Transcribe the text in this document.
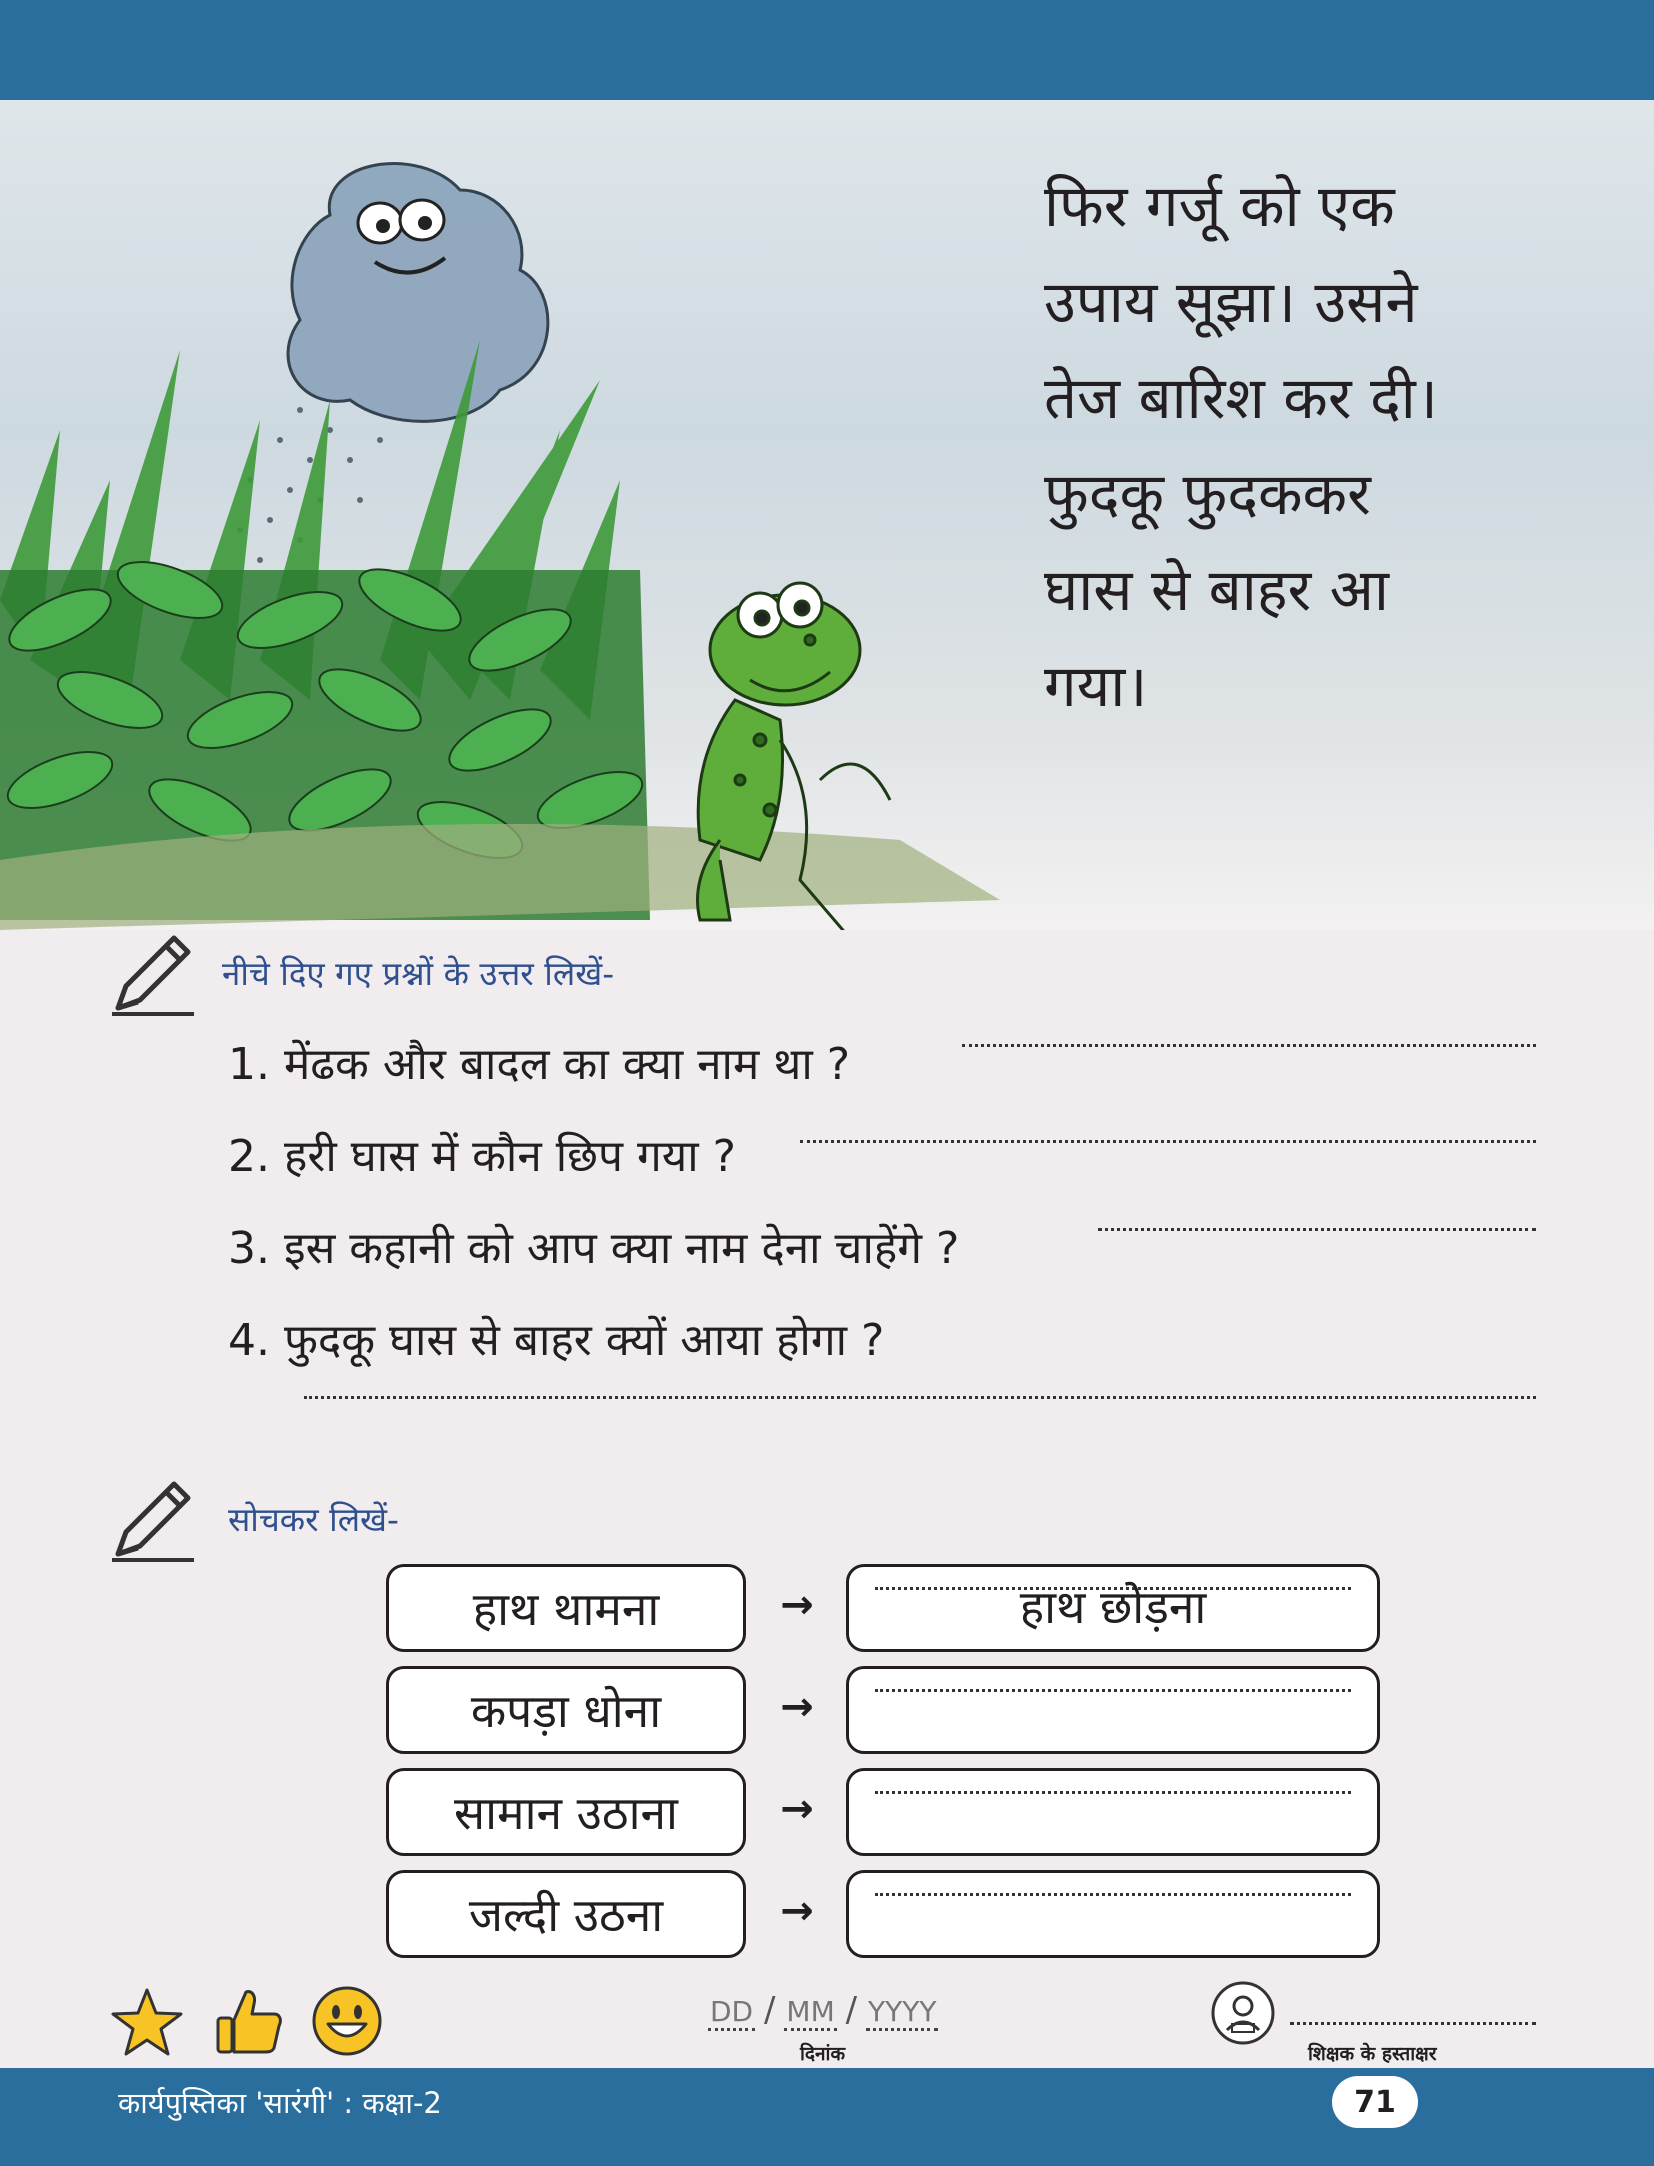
फिर गर्जू को एक
उपाय सूझा। उसने
तेज बारिश कर दी।
फुदकू फुदककर
घास से बाहर आ
गया।
नीचे दिए गए प्रश्नों के उत्तर लिखें-
1. मेंढक और बादल का क्या नाम था ?
2. हरी घास में कौन छिप गया ?
3. इस कहानी को आप क्या नाम देना चाहेंगे ?
4. फुदकू घास से बाहर क्यों आया होगा ?
सोचकर लिखें-
हाथ थामना	→	हाथ छोड़ना
कपड़ा धोना	→
सामान उठाना	→
जल्दी उठना	→
DD / MM / YYYY
दिनांक	शिक्षक के हस्ताक्षर
कार्यपुस्तिका 'सारंगी' : कक्षा-2	71
